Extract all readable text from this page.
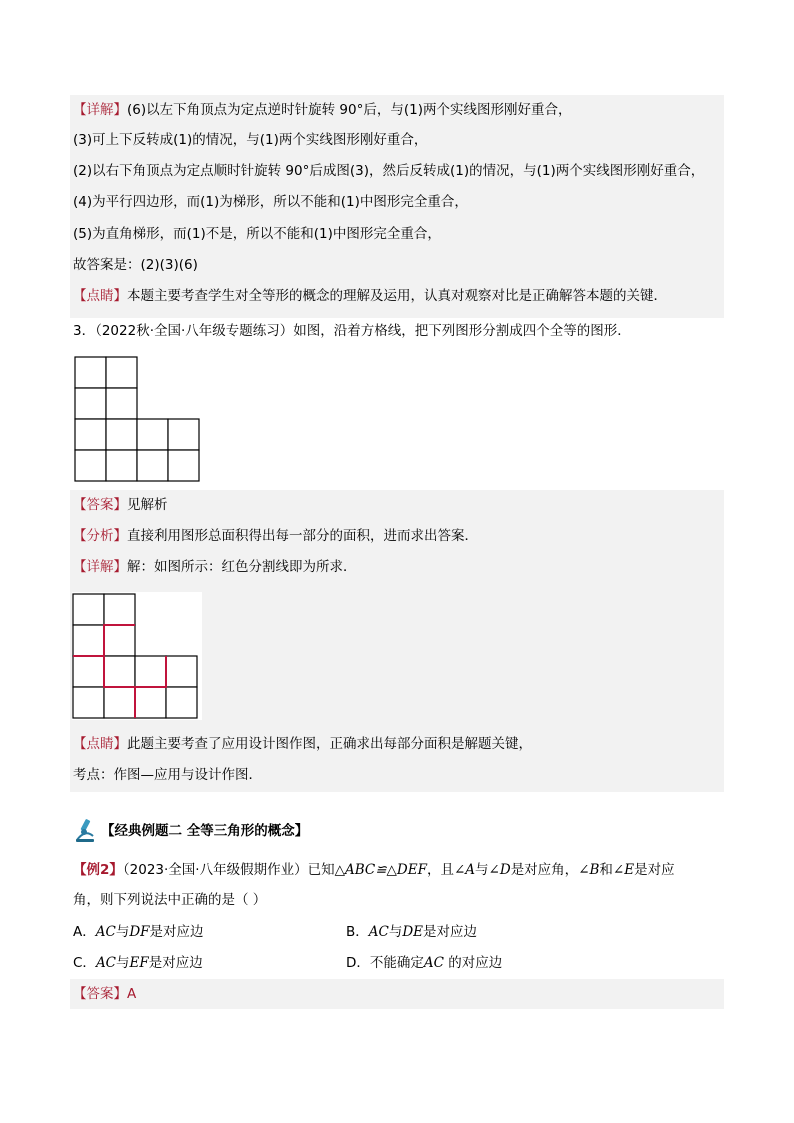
【详解】(6)以左下角顶点为定点逆时针旋转 90°后，与(1)两个实线图形刚好重合，
(3)可上下反转成(1)的情况，与(1)两个实线图形刚好重合，
(2)以右下角顶点为定点顺时针旋转 90°后成图(3)，然后反转成(1)的情况，与(1)两个实线图形刚好重合，
(4)为平行四边形，而(1)为梯形，所以不能和(1)中图形完全重合，
(5)为直角梯形，而(1)不是，所以不能和(1)中图形完全重合，
故答案是：(2)(3)(6)
【点睛】本题主要考查学生对全等形的概念的理解及运用，认真对观察对比是正确解答本题的关键．
3．（2022秋·全国·八年级专题练习）如图，沿着方格线，把下列图形分割成四个全等的图形．
【答案】见解析
【分析】直接利用图形总面积得出每一部分的面积，进而求出答案．
【详解】解：如图所示：红色分割线即为所求．
【点睛】此题主要考查了应用设计图作图，正确求出每部分面积是解题关键，
考点：作图—应用与设计作图．
【经典例题二 全等三角形的概念】
【例2】（2023·全国·八年级假期作业）已知△ABC≌△DEF，且∠A与∠D是对应角，∠B和∠E是对应
角，则下列说法中正确的是（ ）
A．AC与DF是对应边	B．AC与DE是对应边
C．AC与EF是对应边	D．不能确定AC 的对应边
【答案】A
